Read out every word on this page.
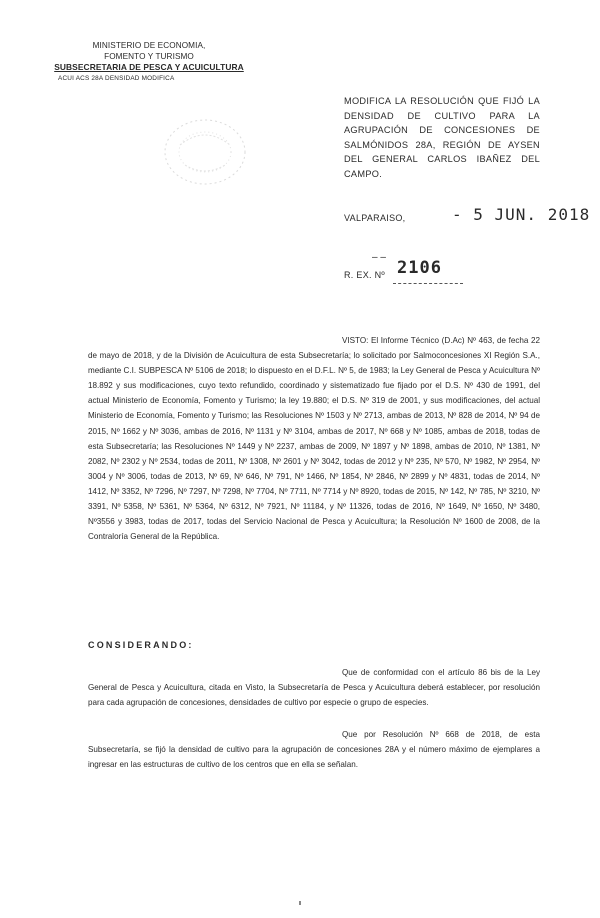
MINISTERIO DE ECONOMIA,
FOMENTO Y TURISMO
SUBSECRETARIA DE PESCA Y ACUICULTURA
ACUI ACS 28A DENSIDAD MODIFICA
MODIFICA LA RESOLUCIÓN QUE FIJÓ LA DENSIDAD DE CULTIVO PARA LA AGRUPACIÓN DE CONCESIONES DE SALMÓNIDOS 28A, REGIÓN DE AYSEN DEL GENERAL CARLOS IBAÑEZ DEL CAMPO.
VALPARAISO,	- 5 JUN. 2018
– –
R. EX. Nº 2106
VISTO: El Informe Técnico (D.Ac) Nº 463, de fecha 22 de mayo de 2018, y de la División de Acuicultura de esta Subsecretaría; lo solicitado por Salmoconcesiones XI Región S.A., mediante C.I. SUBPESCA Nº 5106 de 2018; lo dispuesto en el D.F.L. Nº 5, de 1983; la Ley General de Pesca y Acuicultura Nº 18.892 y sus modificaciones, cuyo texto refundido, coordinado y sistematizado fue fijado por el D.S. Nº 430 de 1991, del actual Ministerio de Economía, Fomento y Turismo; la ley 19.880; el D.S. Nº 319 de 2001, y sus modificaciones, del actual Ministerio de Economía, Fomento y Turismo; las Resoluciones Nº 1503 y Nº 2713, ambas de 2013, Nº 828 de 2014, Nº 94 de 2015, Nº 1662 y Nº 3036, ambas de 2016, Nº 1131 y Nº 3104, ambas de 2017, Nº 668 y Nº 1085, ambas de 2018, todas de esta Subsecretaría; las Resoluciones Nº 1449 y Nº 2237, ambas de 2009, Nº 1897 y Nº 1898, ambas de 2010, Nº 1381, Nº 2082, Nº 2302 y Nº 2534, todas de 2011, Nº 1308, Nº 2601 y Nº 3042, todas de 2012 y Nº 235, Nº 570, Nº 1982, Nº 2954, Nº 3004 y Nº 3006, todas de 2013, Nº 69, Nº 646, Nº 791, Nº 1466, Nº 1854, Nº 2846, Nº 2899 y Nº 4831, todas de 2014, Nº 1412, Nº 3352, Nº 7296, Nº 7297, Nº 7298, Nº 7704, Nº 7711, Nº 7714 y Nº 8920, todas de 2015, Nº 142, Nº 785, Nº 3210, Nº 3391, Nº 5358, Nº 5361, Nº 5364, Nº 6312, Nº 7921, Nº 11184, y Nº 11326, todas de 2016, Nº 1649, Nº 1650, Nº 3480, Nº3556 y 3983, todas de 2017, todas del Servicio Nacional de Pesca y Acuicultura; la Resolución Nº 1600 de 2008, de la Contraloría General de la República.
CONSIDERANDO:
Que de conformidad con el artículo 86 bis de la Ley General de Pesca y Acuicultura, citada en Visto, la Subsecretaría de Pesca y Acuicultura deberá establecer, por resolución para cada agrupación de concesiones, densidades de cultivo por especie o grupo de especies.
Que por Resolución Nº 668 de 2018, de esta Subsecretaría, se fijó la densidad de cultivo para la agrupación de concesiones 28A y el número máximo de ejemplares a ingresar en las estructuras de cultivo de los centros que en ella se señalan.
